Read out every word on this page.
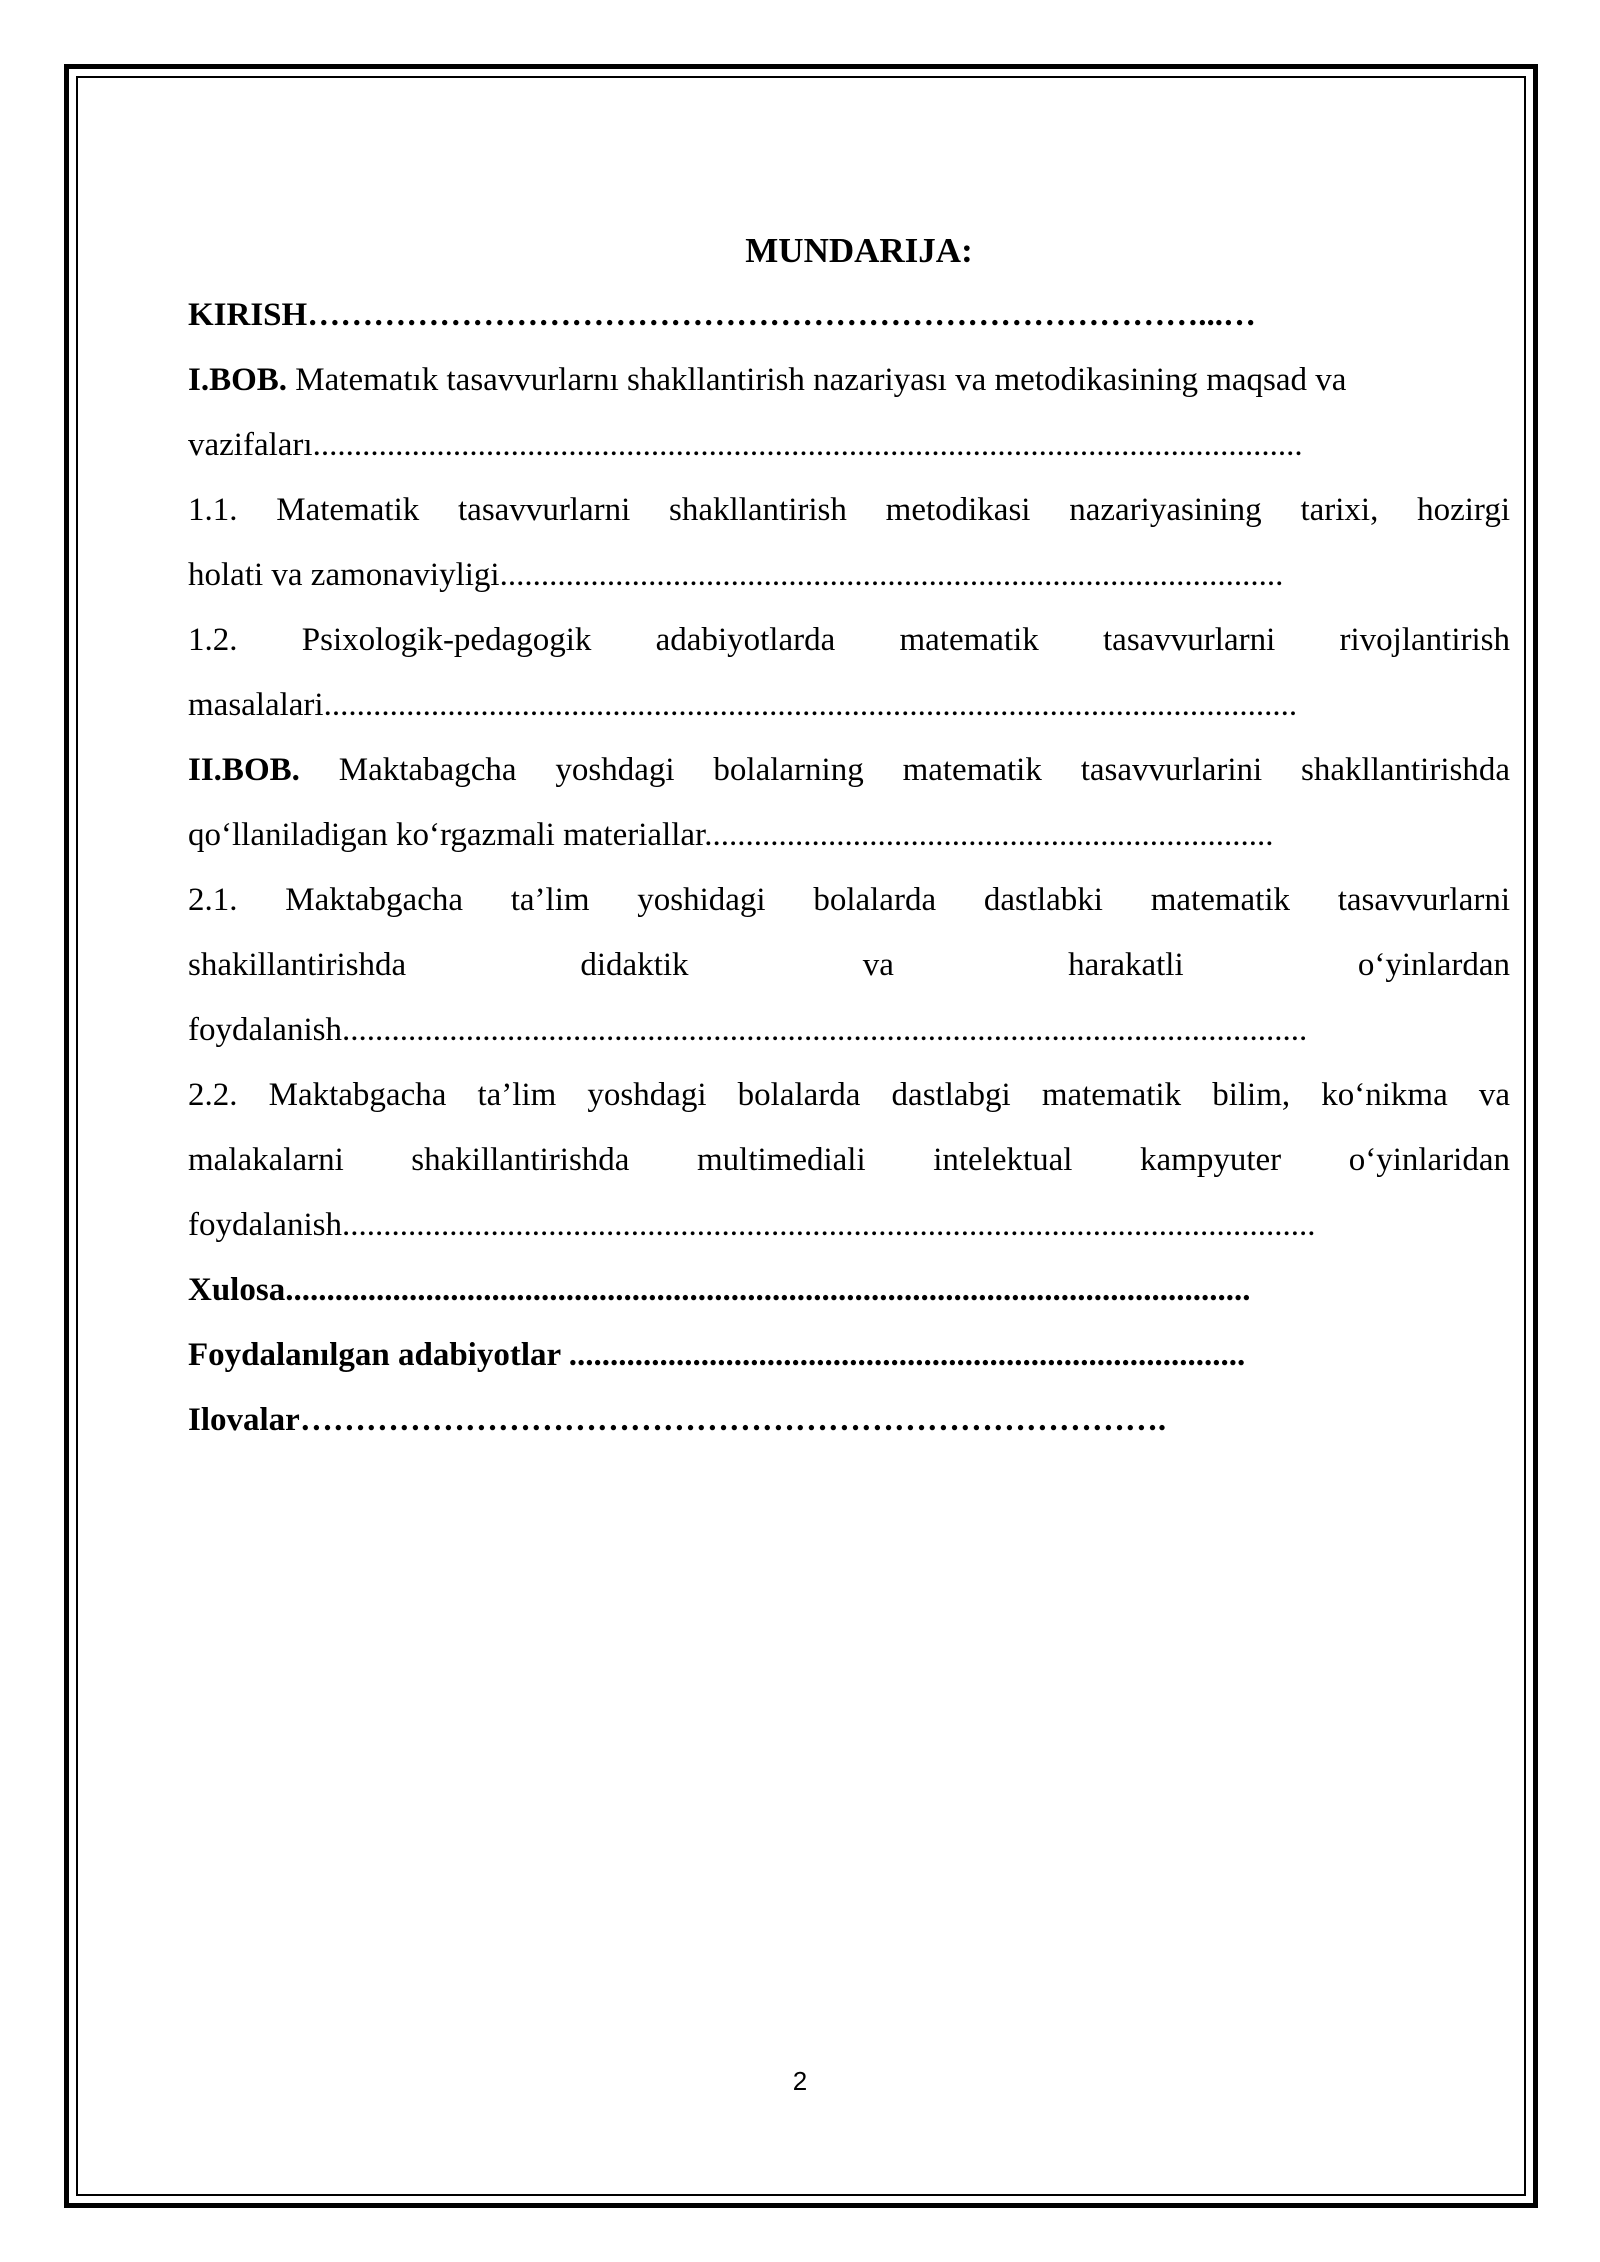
MUNDARIJA:

KIRISH………………………………………………………………………...…

I.BOB. Matematık tasavvurlarnı shakllantirish nazariyası va metodikasining maqsad va

vazifaları........................................................................................................................

1.1. Matematik tasavvurlarni shakllantirish metodikasi nazariyasining tarixi, hozirgi

holati va zamonaviyligi...............................................................................................

1.2. Psixologik-pedagogik adabiyotlarda matematik tasavvurlarni rivojlantirish

masalalari......................................................................................................................

II.BOB. Maktabagcha yoshdagi bolalarning matematik tasavvurlarini shakllantirishda

qo‘llaniladigan ko‘rgazmali materiallar.....................................................................

2.1. Maktabgacha ta’lim yoshidagi bolalarda dastlabki matematik tasavvurlarni

shakillantirishda didaktik va harakatli o‘yinlardan

foydalanish.....................................................................................................................

2.2. Maktabgacha ta’lim yoshdagi bolalarda dastlabgi matematik bilim, ko‘nikma va

malakalarni shakillantirishda multimediali intelektual kampyuter o‘yinlaridan

foydalanish......................................................................................................................

Xulosa.....................................................................................................................

Foydalanılgan adabiyotlar ..................................................................................

Ilovalar…………………………………………………………………….

2
